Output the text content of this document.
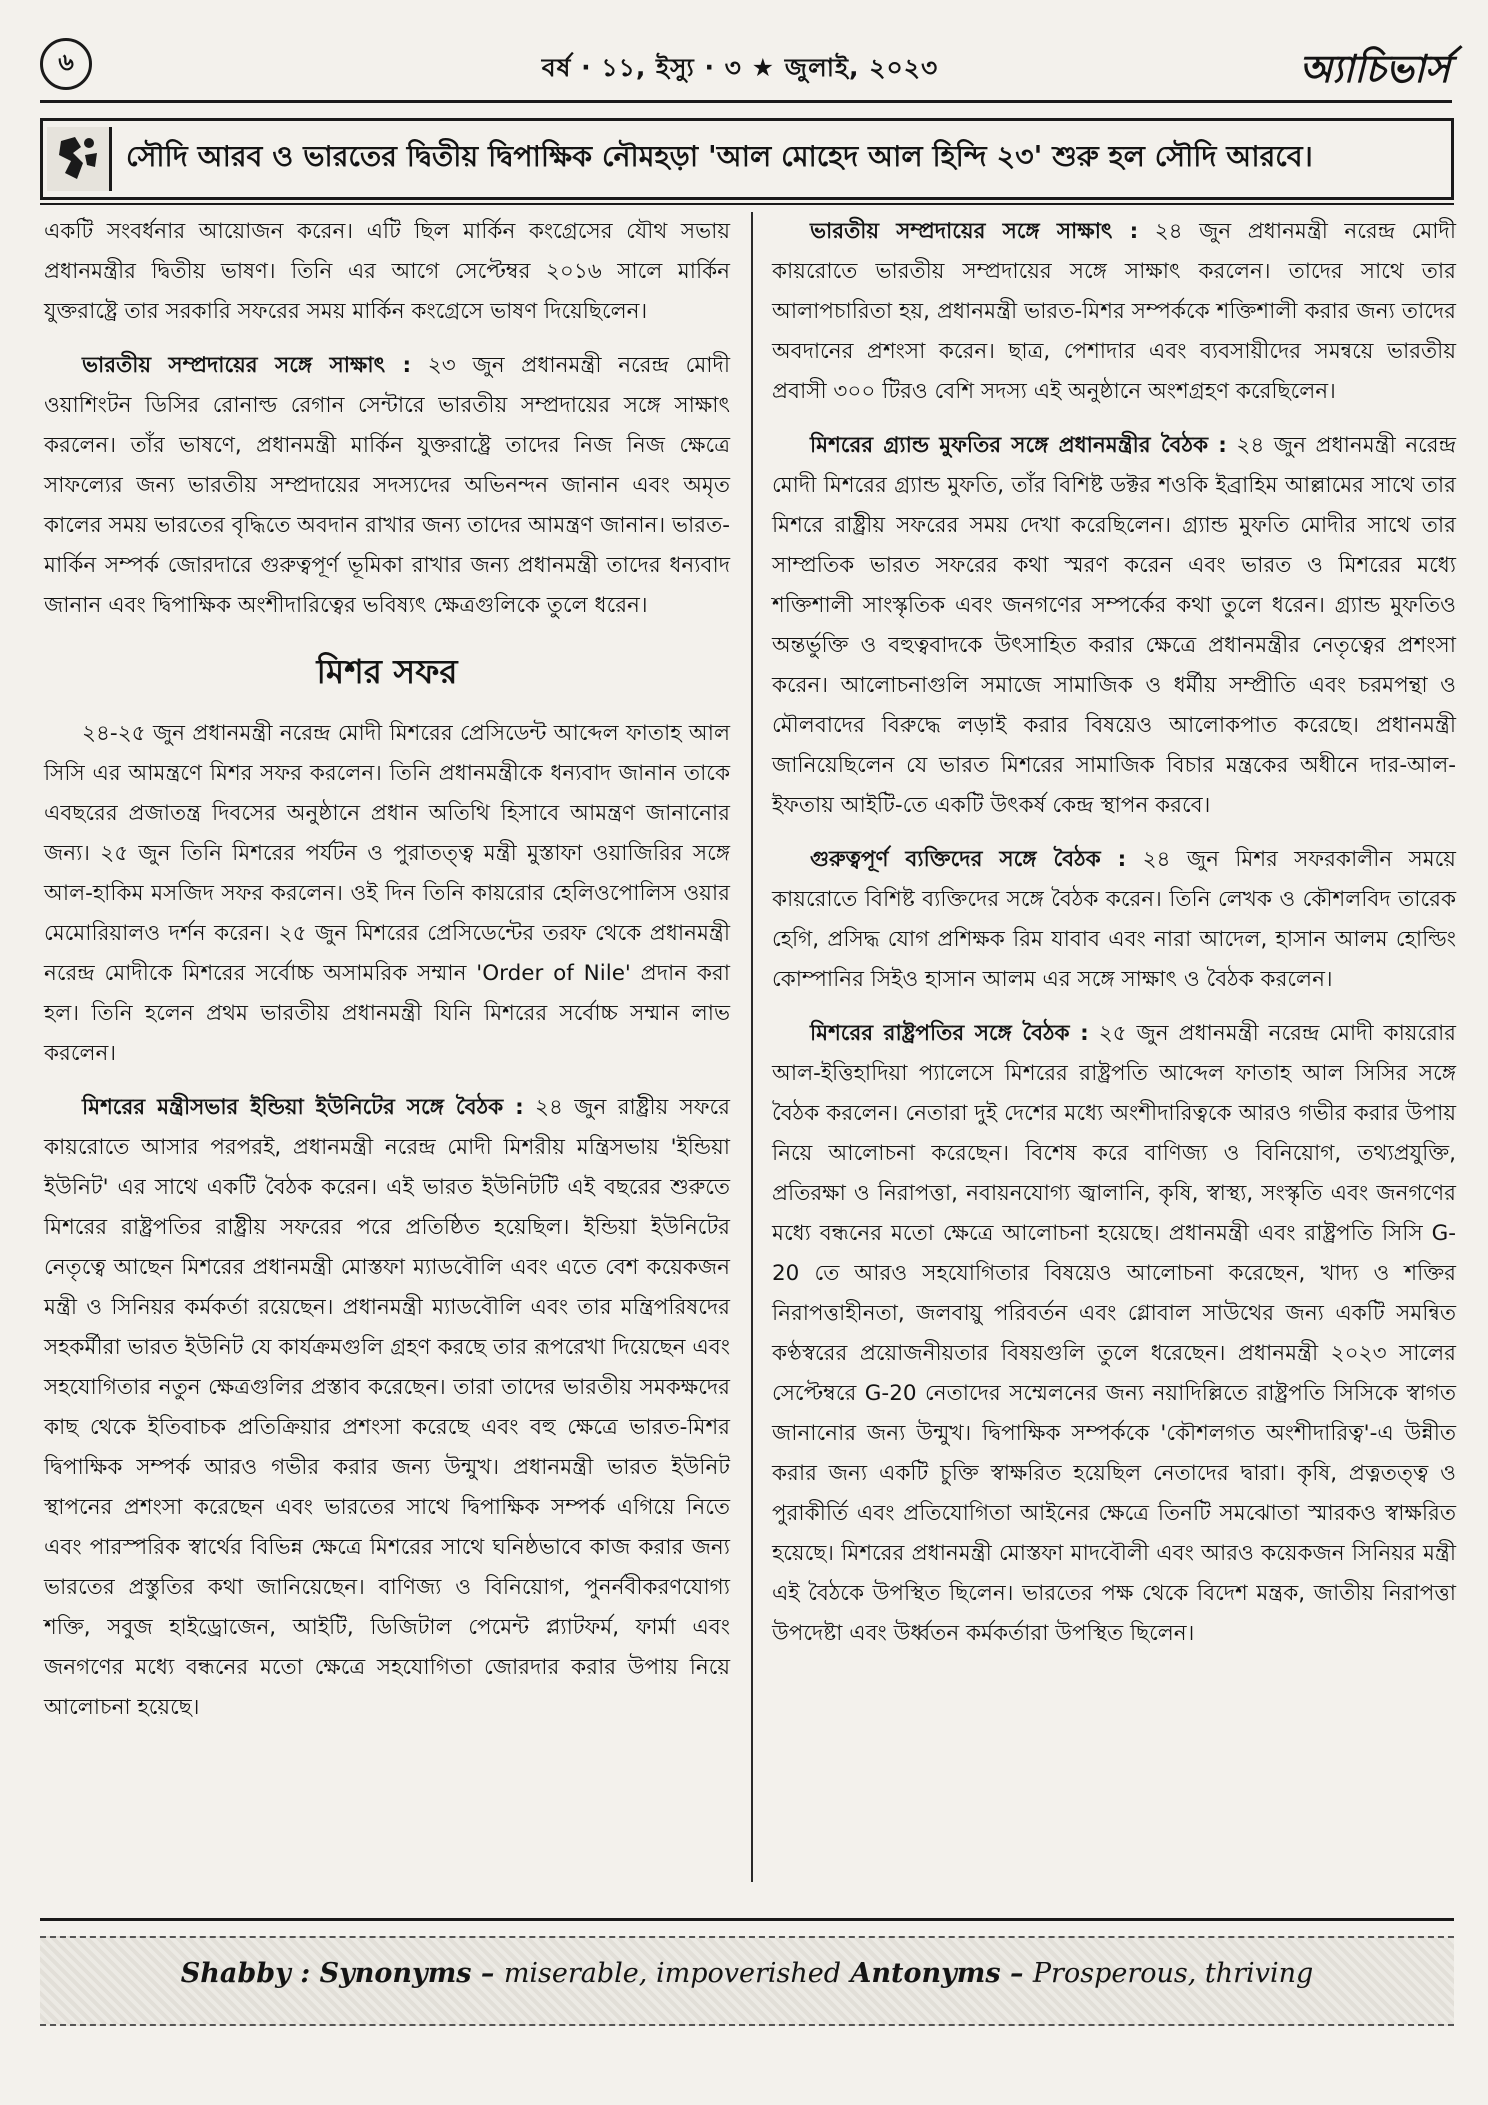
৬	বর্ষ · ১১, ইস্যু · ৩ ★ জুলাই, ২০২৩	অ্যাচিভার্স
সৌদি আরব ও ভারতের দ্বিতীয় দ্বিপাক্ষিক নৌমহড়া 'আল মোহেদ আল হিন্দি ২৩' শুরু হল সৌদি আরবে।

একটি সংবর্ধনার আয়োজন করেন। এটি ছিল মার্কিন কংগ্রেসের যৌথ সভায় প্রধানমন্ত্রীর দ্বিতীয় ভাষণ। তিনি এর আগে সেপ্টেম্বর ২০১৬ সালে মার্কিন যুক্তরাষ্ট্রে তার সরকারি সফরের সময় মার্কিন কংগ্রেসে ভাষণ দিয়েছিলেন।

ভারতীয় সম্প্রদায়ের সঙ্গে সাক্ষাৎ : ২৩ জুন প্রধানমন্ত্রী নরেন্দ্র মোদী ওয়াশিংটন ডিসির রোনাল্ড রেগান সেন্টারে ভারতীয় সম্প্রদায়ের সঙ্গে সাক্ষাৎ করলেন। তাঁর ভাষণে, প্রধানমন্ত্রী মার্কিন যুক্তরাষ্ট্রে তাদের নিজ নিজ ক্ষেত্রে সাফল্যের জন্য ভারতীয় সম্প্রদায়ের সদস্যদের অভিনন্দন জানান এবং অমৃত কালের সময় ভারতের বৃদ্ধিতে অবদান রাখার জন্য তাদের আমন্ত্রণ জানান। ভারত-মার্কিন সম্পর্ক জোরদারে গুরুত্বপূর্ণ ভূমিকা রাখার জন্য প্রধানমন্ত্রী তাদের ধন্যবাদ জানান এবং দ্বিপাক্ষিক অংশীদারিত্বের ভবিষ্যৎ ক্ষেত্রগুলিকে তুলে ধরেন।

মিশর সফর

২৪-২৫ জুন প্রধানমন্ত্রী নরেন্দ্র মোদী মিশরের প্রেসিডেন্ট আব্দেল ফাতাহ আল সিসি এর আমন্ত্রণে মিশর সফর করলেন। তিনি প্রধানমন্ত্রীকে ধন্যবাদ জানান তাকে এবছরের প্রজাতন্ত্র দিবসের অনুষ্ঠানে প্রধান অতিথি হিসাবে আমন্ত্রণ জানানোর জন্য। ২৫ জুন তিনি মিশরের পর্যটন ও পুরাতত্ত্ব মন্ত্রী মুস্তাফা ওয়াজিরির সঙ্গে আল-হাকিম মসজিদ সফর করলেন। ওই দিন তিনি কায়রোর হেলিওপোলিস ওয়ার মেমোরিয়ালও দর্শন করেন। ২৫ জুন মিশরের প্রেসিডেন্টের তরফ থেকে প্রধানমন্ত্রী নরেন্দ্র মোদীকে মিশরের সর্বোচ্চ অসামরিক সম্মান 'Order of Nile' প্রদান করা হল। তিনি হলেন প্রথম ভারতীয় প্রধানমন্ত্রী যিনি মিশরের সর্বোচ্চ সম্মান লাভ করলেন।

মিশরের মন্ত্রীসভার ইন্ডিয়া ইউনিটের সঙ্গে বৈঠক : ২৪ জুন রাষ্ট্রীয় সফরে কায়রোতে আসার পরপরই, প্রধানমন্ত্রী নরেন্দ্র মোদী মিশরীয় মন্ত্রিসভায় 'ইন্ডিয়া ইউনিট' এর সাথে একটি বৈঠক করেন। এই ভারত ইউনিটটি এই বছরের শুরুতে মিশরের রাষ্ট্রপতির রাষ্ট্রীয় সফরের পরে প্রতিষ্ঠিত হয়েছিল। ইন্ডিয়া ইউনিটের নেতৃত্বে আছেন মিশরের প্রধানমন্ত্রী মোস্তফা ম্যাডবৌলি এবং এতে বেশ কয়েকজন মন্ত্রী ও সিনিয়র কর্মকর্তা রয়েছেন। প্রধানমন্ত্রী ম্যাডবৌলি এবং তার মন্ত্রিপরিষদের সহকর্মীরা ভারত ইউনিট যে কার্যক্রমগুলি গ্রহণ করছে তার রূপরেখা দিয়েছেন এবং সহযোগিতার নতুন ক্ষেত্রগুলির প্রস্তাব করেছেন। তারা তাদের ভারতীয় সমকক্ষদের কাছ থেকে ইতিবাচক প্রতিক্রিয়ার প্রশংসা করেছে এবং বহু ক্ষেত্রে ভারত-মিশর দ্বিপাক্ষিক সম্পর্ক আরও গভীর করার জন্য উন্মুখ। প্রধানমন্ত্রী ভারত ইউনিট স্থাপনের প্রশংসা করেছেন এবং ভারতের সাথে দ্বিপাক্ষিক সম্পর্ক এগিয়ে নিতে এবং পারস্পরিক স্বার্থের বিভিন্ন ক্ষেত্রে মিশরের সাথে ঘনিষ্ঠভাবে কাজ করার জন্য ভারতের প্রস্তুতির কথা জানিয়েছেন। বাণিজ্য ও বিনিয়োগ, পুনর্নবীকরণযোগ্য শক্তি, সবুজ হাইড্রোজেন, আইটি, ডিজিটাল পেমেন্ট প্ল্যাটফর্ম, ফার্মা এবং জনগণের মধ্যে বন্ধনের মতো ক্ষেত্রে সহযোগিতা জোরদার করার উপায় নিয়ে আলোচনা হয়েছে।

ভারতীয় সম্প্রদায়ের সঙ্গে সাক্ষাৎ : ২৪ জুন প্রধানমন্ত্রী নরেন্দ্র মোদী কায়রোতে ভারতীয় সম্প্রদায়ের সঙ্গে সাক্ষাৎ করলেন। তাদের সাথে তার আলাপচারিতা হয়, প্রধানমন্ত্রী ভারত-মিশর সম্পর্ককে শক্তিশালী করার জন্য তাদের অবদানের প্রশংসা করেন। ছাত্র, পেশাদার এবং ব্যবসায়ীদের সমন্বয়ে ভারতীয় প্রবাসী ৩০০ টিরও বেশি সদস্য এই অনুষ্ঠানে অংশগ্রহণ করেছিলেন।

মিশরের গ্র্যান্ড মুফতির সঙ্গে প্রধানমন্ত্রীর বৈঠক : ২৪ জুন প্রধানমন্ত্রী নরেন্দ্র মোদী মিশরের গ্র্যান্ড মুফতি, তাঁর বিশিষ্ট ডক্টর শওকি ইব্রাহিম আল্লামের সাথে তার মিশরে রাষ্ট্রীয় সফরের সময় দেখা করেছিলেন। গ্র্যান্ড মুফতি মোদীর সাথে তার সাম্প্রতিক ভারত সফরের কথা স্মরণ করেন এবং ভারত ও মিশরের মধ্যে শক্তিশালী সাংস্কৃতিক এবং জনগণের সম্পর্কের কথা তুলে ধরেন। গ্র্যান্ড মুফতিও অন্তর্ভুক্তি ও বহুত্ববাদকে উৎসাহিত করার ক্ষেত্রে প্রধানমন্ত্রীর নেতৃত্বের প্রশংসা করেন। আলোচনাগুলি সমাজে সামাজিক ও ধর্মীয় সম্প্রীতি এবং চরমপন্থা ও মৌলবাদের বিরুদ্ধে লড়াই করার বিষয়েও আলোকপাত করেছে। প্রধানমন্ত্রী জানিয়েছিলেন যে ভারত মিশরের সামাজিক বিচার মন্ত্রকের অধীনে দার-আল-ইফতায় আইটি-তে একটি উৎকর্ষ কেন্দ্র স্থাপন করবে।

গুরুত্বপূর্ণ ব্যক্তিদের সঙ্গে বৈঠক : ২৪ জুন মিশর সফরকালীন সময়ে কায়রোতে বিশিষ্ট ব্যক্তিদের সঙ্গে বৈঠক করেন। তিনি লেখক ও কৌশলবিদ তারেক হেগি, প্রসিদ্ধ যোগ প্রশিক্ষক রিম যাবাব এবং নারা আদেল, হাসান আলম হোল্ডিং কোম্পানির সিইও হাসান আলম এর সঙ্গে সাক্ষাৎ ও বৈঠক করলেন।

মিশরের রাষ্ট্রপতির সঙ্গে বৈঠক : ২৫ জুন প্রধানমন্ত্রী নরেন্দ্র মোদী কায়রোর আল-ইত্তিহাদিয়া প্যালেসে মিশরের রাষ্ট্রপতি আব্দেল ফাতাহ আল সিসির সঙ্গে বৈঠক করলেন। নেতারা দুই দেশের মধ্যে অংশীদারিত্বকে আরও গভীর করার উপায় নিয়ে আলোচনা করেছেন। বিশেষ করে বাণিজ্য ও বিনিয়োগ, তথ্যপ্রযুক্তি, প্রতিরক্ষা ও নিরাপত্তা, নবায়নযোগ্য জ্বালানি, কৃষি, স্বাস্থ্য, সংস্কৃতি এবং জনগণের মধ্যে বন্ধনের মতো ক্ষেত্রে আলোচনা হয়েছে। প্রধানমন্ত্রী এবং রাষ্ট্রপতি সিসি G-20 তে আরও সহযোগিতার বিষয়েও আলোচনা করেছেন, খাদ্য ও শক্তির নিরাপত্তাহীনতা, জলবায়ু পরিবর্তন এবং গ্লোবাল সাউথের জন্য একটি সমন্বিত কণ্ঠস্বরের প্রয়োজনীয়তার বিষয়গুলি তুলে ধরেছেন। প্রধানমন্ত্রী ২০২৩ সালের সেপ্টেম্বরে G-20 নেতাদের সম্মেলনের জন্য নয়াদিল্লিতে রাষ্ট্রপতি সিসিকে স্বাগত জানানোর জন্য উন্মুখ। দ্বিপাক্ষিক সম্পর্ককে 'কৌশলগত অংশীদারিত্ব'-এ উন্নীত করার জন্য একটি চুক্তি স্বাক্ষরিত হয়েছিল নেতাদের দ্বারা। কৃষি, প্রত্নতত্ত্ব ও পুরাকীর্তি এবং প্রতিযোগিতা আইনের ক্ষেত্রে তিনটি সমঝোতা স্মারকও স্বাক্ষরিত হয়েছে। মিশরের প্রধানমন্ত্রী মোস্তফা মাদবৌলী এবং আরও কয়েকজন সিনিয়র মন্ত্রী এই বৈঠকে উপস্থিত ছিলেন। ভারতের পক্ষ থেকে বিদেশ মন্ত্রক, জাতীয় নিরাপত্তা উপদেষ্টা এবং উর্ধ্বতন কর্মকর্তারা উপস্থিত ছিলেন।

Shabby : Synonyms – miserable, impoverished Antonyms – Prosperous, thriving
